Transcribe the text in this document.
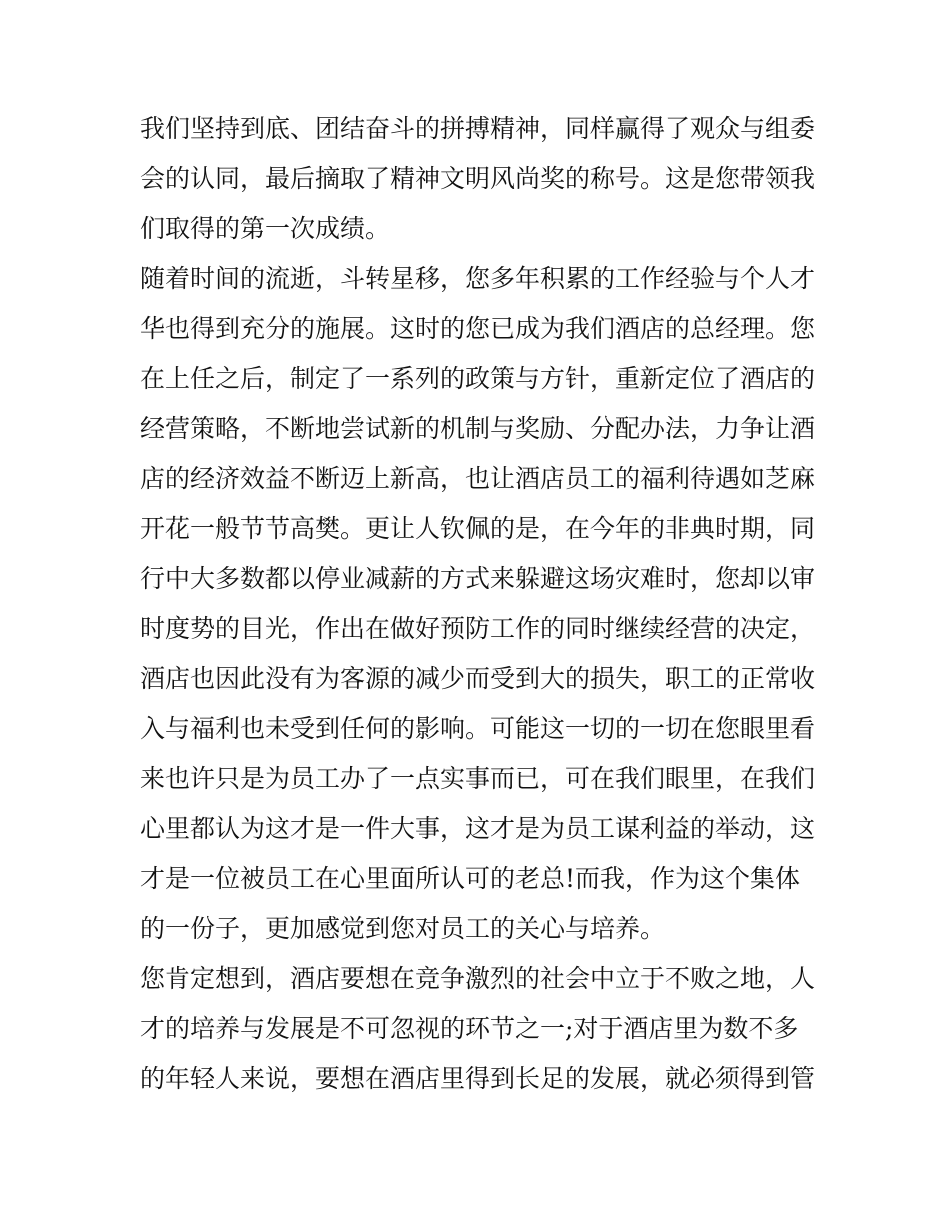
我们坚持到底、团结奋斗的拼搏精神，同样赢得了观众与组委
会的认同，最后摘取了精神文明风尚奖的称号。这是您带领我
们取得的第一次成绩。
随着时间的流逝，斗转星移，您多年积累的工作经验与个人才
华也得到充分的施展。这时的您已成为我们酒店的总经理。您
在上任之后，制定了一系列的政策与方针，重新定位了酒店的
经营策略，不断地尝试新的机制与奖励、分配办法，力争让酒
店的经济效益不断迈上新高，也让酒店员工的福利待遇如芝麻
开花一般节节高樊。更让人钦佩的是，在今年的非典时期，同
行中大多数都以停业减薪的方式来躲避这场灾难时，您却以审
时度势的目光，作出在做好预防工作的同时继续经营的决定，
酒店也因此没有为客源的减少而受到大的损失，职工的正常收
入与福利也未受到任何的影响。可能这一切的一切在您眼里看
来也许只是为员工办了一点实事而已，可在我们眼里，在我们
心里都认为这才是一件大事，这才是为员工谋利益的举动，这
才是一位被员工在心里面所认可的老总!而我，作为这个集体
的一份子，更加感觉到您对员工的关心与培养。
您肯定想到，酒店要想在竞争激烈的社会中立于不败之地，人
才的培养与发展是不可忽视的环节之一;对于酒店里为数不多
的年轻人来说，要想在酒店里得到长足的发展，就必须得到管
